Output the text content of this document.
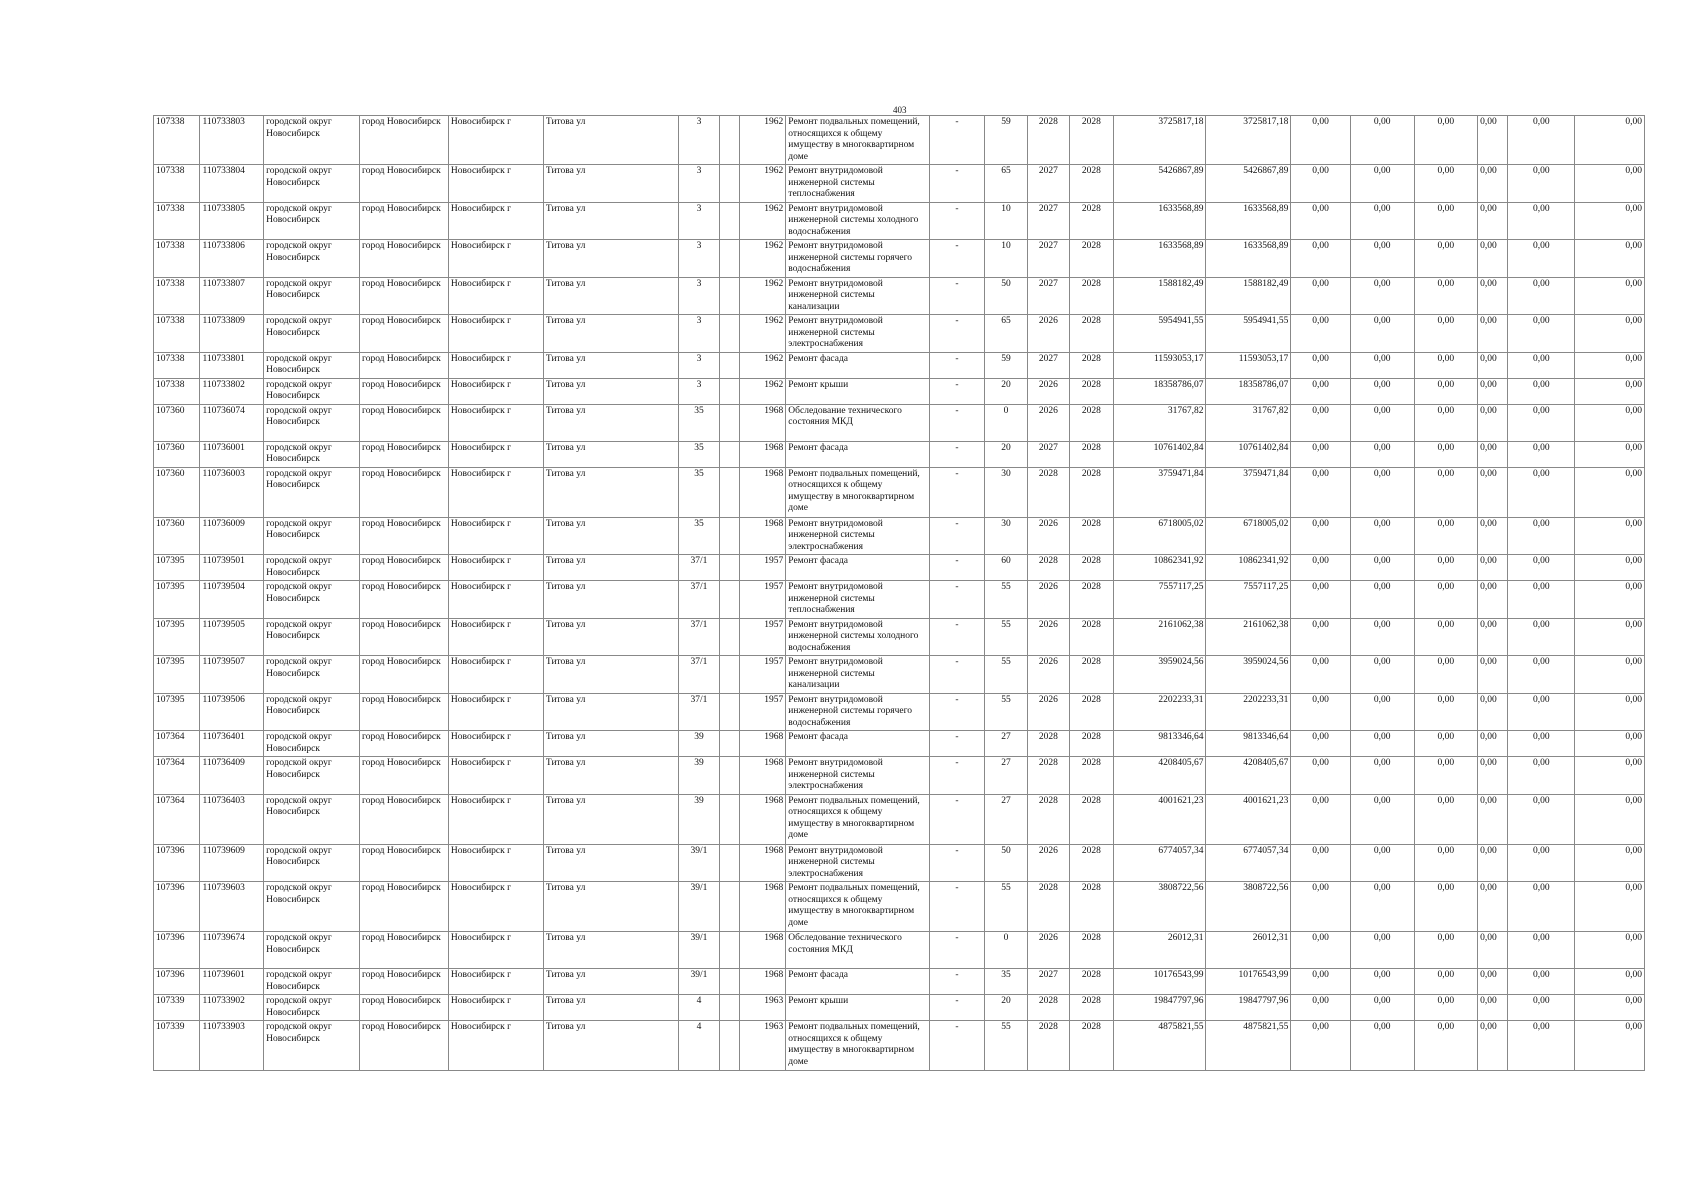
403
107338	110733803	городской округ Новосибирск	город Новосибирск	Новосибирск г	Титова ул	3		1962	Ремонт подвальных помещений, относящихся к общему имуществу в многоквартирном доме	-	59	2028	2028	3725817,18	3725817,18	0,00	0,00	0,00	0,00	0,00	0,00
107338	110733804	городской округ Новосибирск	город Новосибирск	Новосибирск г	Титова ул	3		1962	Ремонт внутридомовой инженерной системы теплоснабжения	-	65	2027	2028	5426867,89	5426867,89	0,00	0,00	0,00	0,00	0,00	0,00
107338	110733805	городской округ Новосибирск	город Новосибирск	Новосибирск г	Титова ул	3		1962	Ремонт внутридомовой инженерной системы холодного водоснабжения	-	10	2027	2028	1633568,89	1633568,89	0,00	0,00	0,00	0,00	0,00	0,00
107338	110733806	городской округ Новосибирск	город Новосибирск	Новосибирск г	Титова ул	3		1962	Ремонт внутридомовой инженерной системы горячего водоснабжения	-	10	2027	2028	1633568,89	1633568,89	0,00	0,00	0,00	0,00	0,00	0,00
107338	110733807	городской округ Новосибирск	город Новосибирск	Новосибирск г	Титова ул	3		1962	Ремонт внутридомовой инженерной системы канализации	-	50	2027	2028	1588182,49	1588182,49	0,00	0,00	0,00	0,00	0,00	0,00
107338	110733809	городской округ Новосибирск	город Новосибирск	Новосибирск г	Титова ул	3		1962	Ремонт внутридомовой инженерной системы электроснабжения	-	65	2026	2028	5954941,55	5954941,55	0,00	0,00	0,00	0,00	0,00	0,00
107338	110733801	городской округ Новосибирск	город Новосибирск	Новосибирск г	Титова ул	3		1962	Ремонт фасада	-	59	2027	2028	11593053,17	11593053,17	0,00	0,00	0,00	0,00	0,00	0,00
107338	110733802	городской округ Новосибирск	город Новосибирск	Новосибирск г	Титова ул	3		1962	Ремонт крыши	-	20	2026	2028	18358786,07	18358786,07	0,00	0,00	0,00	0,00	0,00	0,00
107360	110736074	городской округ Новосибирск	город Новосибирск	Новосибирск г	Титова ул	35		1968	Обследование технического состояния МКД	-	0	2026	2028	31767,82	31767,82	0,00	0,00	0,00	0,00	0,00	0,00
107360	110736001	городской округ Новосибирск	город Новосибирск	Новосибирск г	Титова ул	35		1968	Ремонт фасада	-	20	2027	2028	10761402,84	10761402,84	0,00	0,00	0,00	0,00	0,00	0,00
107360	110736003	городской округ Новосибирск	город Новосибирск	Новосибирск г	Титова ул	35		1968	Ремонт подвальных помещений, относящихся к общему имуществу в многоквартирном доме	-	30	2028	2028	3759471,84	3759471,84	0,00	0,00	0,00	0,00	0,00	0,00
107360	110736009	городской округ Новосибирск	город Новосибирск	Новосибирск г	Титова ул	35		1968	Ремонт внутридомовой инженерной системы электроснабжения	-	30	2026	2028	6718005,02	6718005,02	0,00	0,00	0,00	0,00	0,00	0,00
107395	110739501	городской округ Новосибирск	город Новосибирск	Новосибирск г	Титова ул	37/1		1957	Ремонт фасада	-	60	2028	2028	10862341,92	10862341,92	0,00	0,00	0,00	0,00	0,00	0,00
107395	110739504	городской округ Новосибирск	город Новосибирск	Новосибирск г	Титова ул	37/1		1957	Ремонт внутридомовой инженерной системы теплоснабжения	-	55	2026	2028	7557117,25	7557117,25	0,00	0,00	0,00	0,00	0,00	0,00
107395	110739505	городской округ Новосибирск	город Новосибирск	Новосибирск г	Титова ул	37/1		1957	Ремонт внутридомовой инженерной системы холодного водоснабжения	-	55	2026	2028	2161062,38	2161062,38	0,00	0,00	0,00	0,00	0,00	0,00
107395	110739507	городской округ Новосибирск	город Новосибирск	Новосибирск г	Титова ул	37/1		1957	Ремонт внутридомовой инженерной системы канализации	-	55	2026	2028	3959024,56	3959024,56	0,00	0,00	0,00	0,00	0,00	0,00
107395	110739506	городской округ Новосибирск	город Новосибирск	Новосибирск г	Титова ул	37/1		1957	Ремонт внутридомовой инженерной системы горячего водоснабжения	-	55	2026	2028	2202233,31	2202233,31	0,00	0,00	0,00	0,00	0,00	0,00
107364	110736401	городской округ Новосибирск	город Новосибирск	Новосибирск г	Титова ул	39		1968	Ремонт фасада	-	27	2028	2028	9813346,64	9813346,64	0,00	0,00	0,00	0,00	0,00	0,00
107364	110736409	городской округ Новосибирск	город Новосибирск	Новосибирск г	Титова ул	39		1968	Ремонт внутридомовой инженерной системы электроснабжения	-	27	2028	2028	4208405,67	4208405,67	0,00	0,00	0,00	0,00	0,00	0,00
107364	110736403	городской округ Новосибирск	город Новосибирск	Новосибирск г	Титова ул	39		1968	Ремонт подвальных помещений, относящихся к общему имуществу в многоквартирном доме	-	27	2028	2028	4001621,23	4001621,23	0,00	0,00	0,00	0,00	0,00	0,00
107396	110739609	городской округ Новосибирск	город Новосибирск	Новосибирск г	Титова ул	39/1		1968	Ремонт внутридомовой инженерной системы электроснабжения	-	50	2026	2028	6774057,34	6774057,34	0,00	0,00	0,00	0,00	0,00	0,00
107396	110739603	городской округ Новосибирск	город Новосибирск	Новосибирск г	Титова ул	39/1		1968	Ремонт подвальных помещений, относящихся к общему имуществу в многоквартирном доме	-	55	2028	2028	3808722,56	3808722,56	0,00	0,00	0,00	0,00	0,00	0,00
107396	110739674	городской округ Новосибирск	город Новосибирск	Новосибирск г	Титова ул	39/1		1968	Обследование технического состояния МКД	-	0	2026	2028	26012,31	26012,31	0,00	0,00	0,00	0,00	0,00	0,00
107396	110739601	городской округ Новосибирск	город Новосибирск	Новосибирск г	Титова ул	39/1		1968	Ремонт фасада	-	35	2027	2028	10176543,99	10176543,99	0,00	0,00	0,00	0,00	0,00	0,00
107339	110733902	городской округ Новосибирск	город Новосибирск	Новосибирск г	Титова ул	4		1963	Ремонт крыши	-	20	2028	2028	19847797,96	19847797,96	0,00	0,00	0,00	0,00	0,00	0,00
107339	110733903	городской округ Новосибирск	город Новосибирск	Новосибирск г	Титова ул	4		1963	Ремонт подвальных помещений, относящихся к общему имуществу в многоквартирном доме	-	55	2028	2028	4875821,55	4875821,55	0,00	0,00	0,00	0,00	0,00	0,00
